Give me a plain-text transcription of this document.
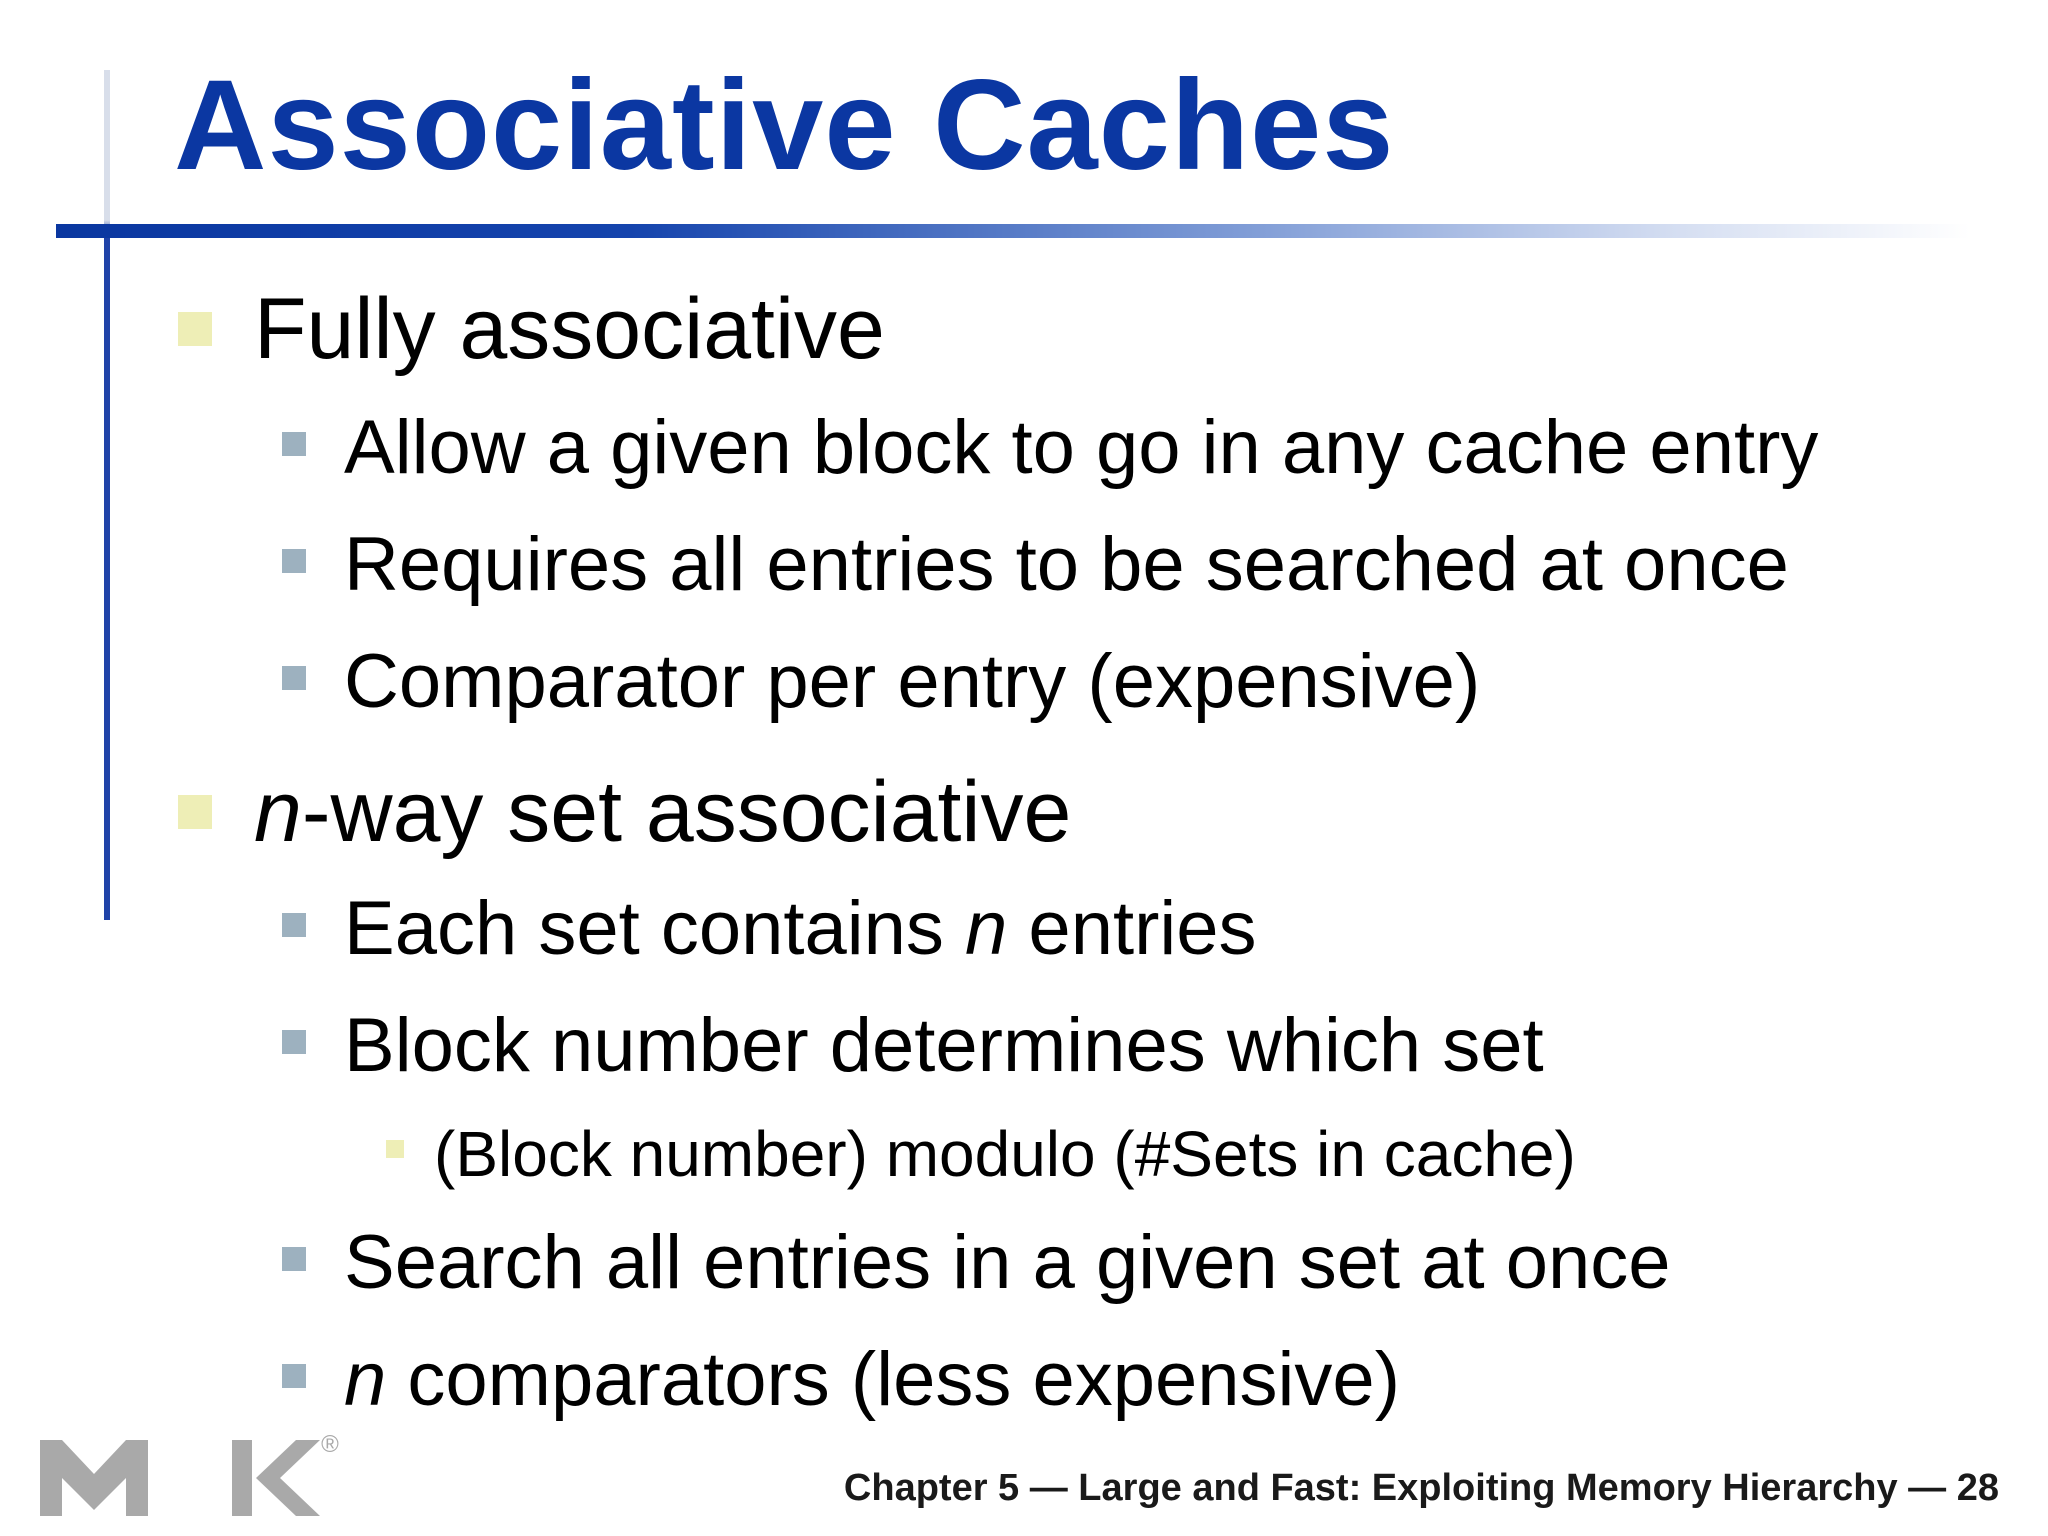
Associative Caches
Fully associative
Allow a given block to go in any cache entry
Requires all entries to be searched at once
Comparator per entry (expensive)
n-way set associative
Each set contains n entries
Block number determines which set
(Block number) modulo (#Sets in cache)
Search all entries in a given set at once
n comparators (less expensive)
®
Chapter 5 — Large and Fast: Exploiting Memory Hierarchy — 28
